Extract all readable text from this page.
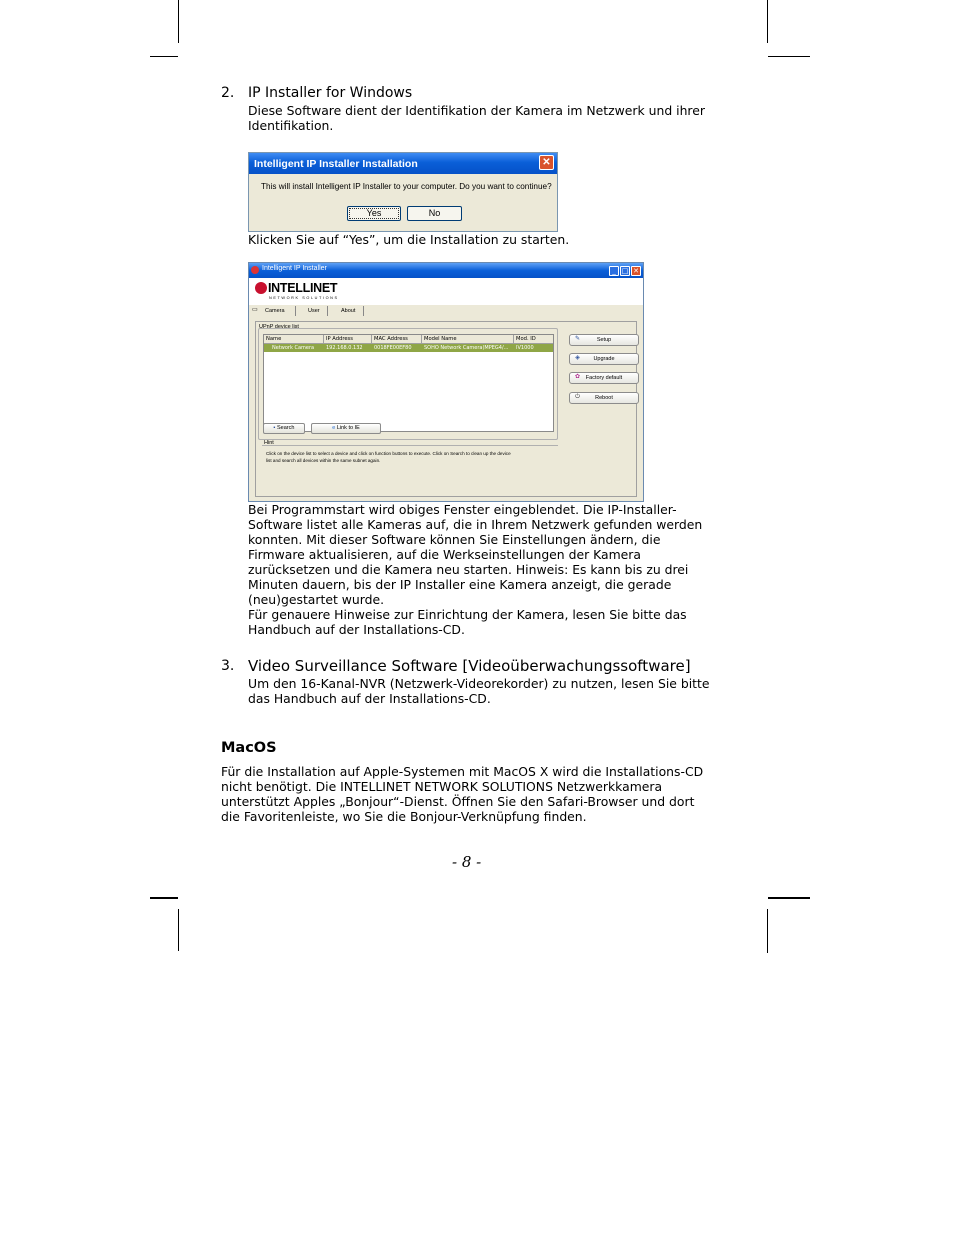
2. IP Installer for Windows

Diese Software dient der Identifikation der Kamera im Netzwerk und ihrer

Identifikation.

Intelligent IP Installer Installation	✕
This will install Intelligent IP Installer to your computer. Do you want to continue?
Yes	No
Klicken Sie auf “Yes”, um die Installation zu starten.
Intelligent IP Installer	_ □ ✕
INTELLINET
NETWORK SOLUTIONS
▭ Camera	User	About
UPnP device list
Name	IP Address	MAC Address	Model Name	Mod. ID
Network Camera	192.168.0.132	0018FE00EF80	SOHO Network Camera(MPEG4/...	IV1000
▪ Search	e Link to IE
Hint
Click on the device list to select a device and click on function buttons to execute. Click on Search to clean up the device
list and search all devices within the same subnet again.
✎	Setup
◈ Upgrade
✿ Factory default
⏻	Reboot

Bei Programmstart wird obiges Fenster eingeblendet. Die IP-Installer-

Software listet alle Kameras auf, die in Ihrem Netzwerk gefunden werden

konnten. Mit dieser Software können Sie Einstellungen ändern, die

Firmware aktualisieren, auf die Werkseinstellungen der Kamera

zurücksetzen und die Kamera neu starten. Hinweis: Es kann bis zu drei

Minuten dauern, bis der IP Installer eine Kamera anzeigt, die gerade

(neu)gestartet wurde.

Für genauere Hinweise zur Einrichtung der Kamera, lesen Sie bitte das

Handbuch auf der Installations-CD.

3. Video Surveillance Software [Videoüberwachungssoftware]

Um den 16-Kanal-NVR (Netzwerk-Videorekorder) zu nutzen, lesen Sie bitte

das Handbuch auf der Installations-CD.

MacOS

Für die Installation auf Apple-Systemen mit MacOS X wird die Installations-CD

nicht benötigt. Die INTELLINET NETWORK SOLUTIONS Netzwerkkamera

unterstützt Apples „Bonjour“-Dienst. Öffnen Sie den Safari-Browser und dort

die Favoritenleiste, wo Sie die Bonjour-Verknüpfung finden.

- 8 -
